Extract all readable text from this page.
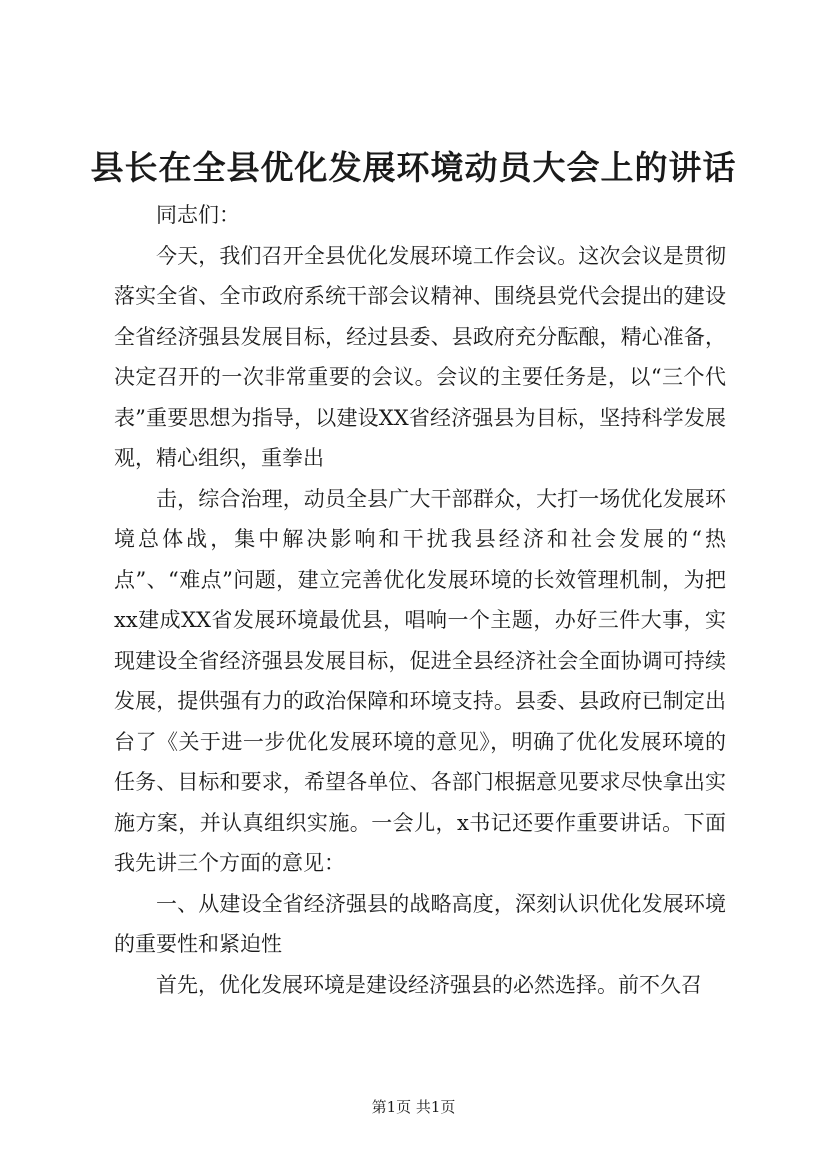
县长在全县优化发展环境动员大会上的讲话

同志们：

今天，我们召开全县优化发展环境工作会议。这次会议是贯彻落实全省、全市政府系统干部会议精神、围绕县党代会提出的建设全省经济强县发展目标，经过县委、县政府充分酝酿，精心准备，决定召开的一次非常重要的会议。会议的主要任务是，以“三个代表”重要思想为指导，以建设XX省经济强县为目标，坚持科学发展观，精心组织，重拳出

击，综合治理，动员全县广大干部群众，大打一场优化发展环境总体战，集中解决影响和干扰我县经济和社会发展的“热点”、“难点”问题，建立完善优化发展环境的长效管理机制，为把xx建成XX省发展环境最优县，唱响一个主题，办好三件大事，实现建设全省经济强县发展目标，促进全县经济社会全面协调可持续发展，提供强有力的政治保障和环境支持。县委、县政府已制定出台了《关于进一步优化发展环境的意见》，明确了优化发展环境的任务、目标和要求，希望各单位、各部门根据意见要求尽快拿出实施方案，并认真组织实施。一会儿，x书记还要作重要讲话。下面我先讲三个方面的意见：

一、从建设全省经济强县的战略高度，深刻认识优化发展环境的重要性和紧迫性

首先，优化发展环境是建设经济强县的必然选择。前不久召

第1页 共1页
